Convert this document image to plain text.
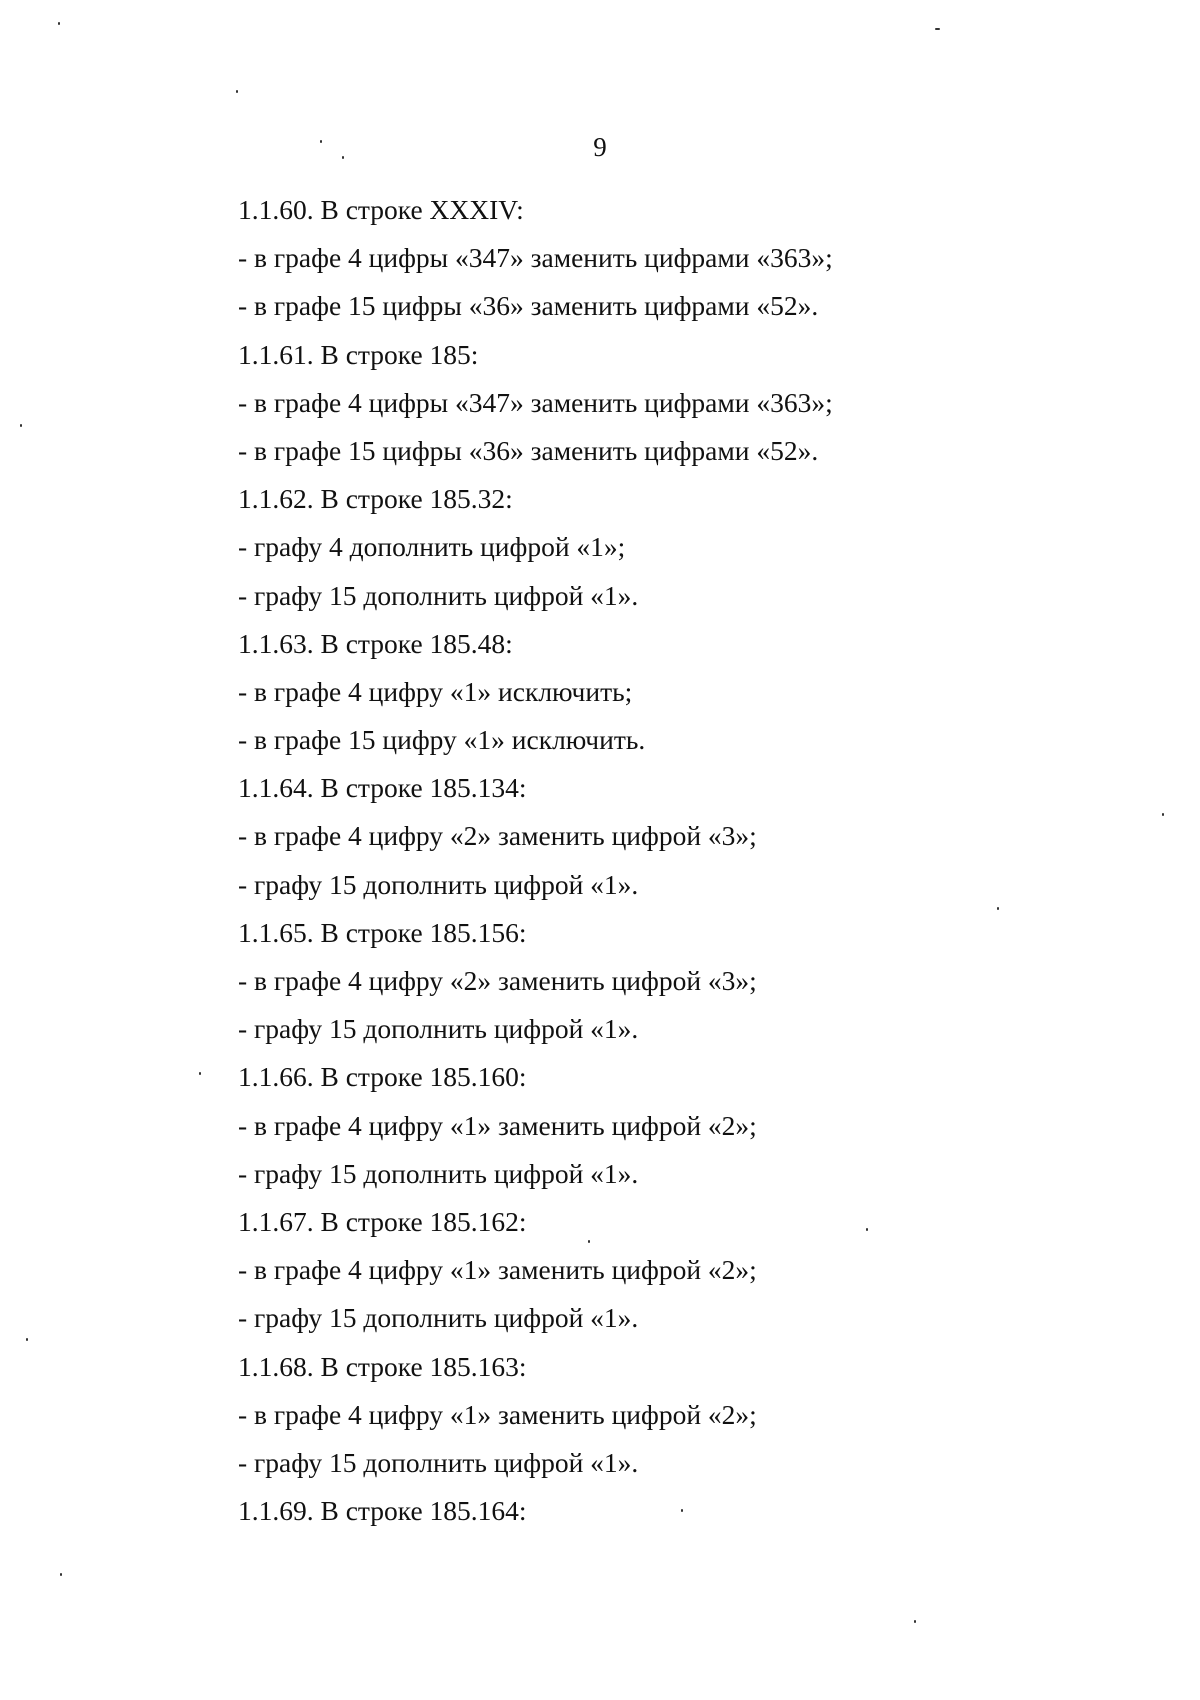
9
1.1.60. В строке XXXIV:
- в графе 4 цифры «347» заменить цифрами «363»;
- в графе 15 цифры «36» заменить цифрами «52».
1.1.61. В строке 185:
- в графе 4 цифры «347» заменить цифрами «363»;
- в графе 15 цифры «36» заменить цифрами «52».
1.1.62. В строке 185.32:
- графу 4 дополнить цифрой «1»;
- графу 15 дополнить цифрой «1».
1.1.63. В строке 185.48:
- в графе 4 цифру «1» исключить;
- в графе 15 цифру «1» исключить.
1.1.64. В строке 185.134:
- в графе 4 цифру «2» заменить цифрой «3»;
- графу 15 дополнить цифрой «1».
1.1.65. В строке 185.156:
- в графе 4 цифру «2» заменить цифрой «3»;
- графу 15 дополнить цифрой «1».
1.1.66. В строке 185.160:
- в графе 4 цифру «1» заменить цифрой «2»;
- графу 15 дополнить цифрой «1».
1.1.67. В строке 185.162:
- в графе 4 цифру «1» заменить цифрой «2»;
- графу 15 дополнить цифрой «1».
1.1.68. В строке 185.163:
- в графе 4 цифру «1» заменить цифрой «2»;
- графу 15 дополнить цифрой «1».
1.1.69. В строке 185.164:
